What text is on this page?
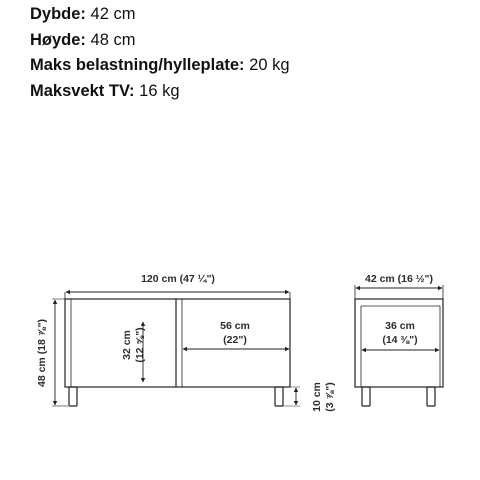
Dybde: 42 cm
Høyde: 48 cm
Maks belastning/hylleplate: 20 kg
Maksvekt TV: 16 kg
120 cm (47 ¼")
48 cm (18 ⅞")	32 cm (12 ⅝")
56 cm
(22")
10 cm (3 ⅞")
42 cm (16 ½")
36 cm
(14 ⅜")
